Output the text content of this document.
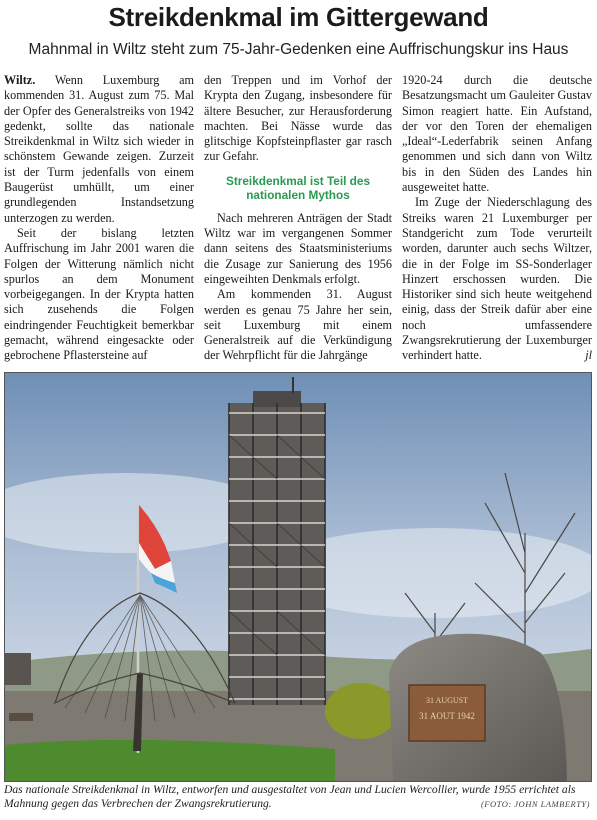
Streikdenkmal im Gittergewand
Mahnmal in Wiltz steht zum 75-Jahr-Gedenken eine Auffrischungskur ins Haus

Wiltz. Wenn Luxemburg am kommenden 31. August zum 75. Mal der Opfer des Generalstreiks von 1942 gedenkt, sollte das nationale Streikdenkmal in Wiltz sich wieder in schönstem Gewande zeigen. Zurzeit ist der Turm jedenfalls von einem Baugerüst umhüllt, um einer grundlegenden Instandsetzung unterzogen zu werden.

Seit der bislang letzten Auffrischung im Jahr 2001 waren die Folgen der Witterung nämlich nicht spurlos an dem Monument vorbeigegangen. In der Krypta hatten sich zusehends die Folgen eindringender Feuchtigkeit bemerkbar gemacht, während eingesackte oder gebrochene Pflastersteine auf

den Treppen und im Vorhof der Krypta den Zugang, insbesondere für ältere Besucher, zur Herausforderung machten. Bei Nässe wurde das glitschige Kopfsteinpflaster gar rasch zur Gefahr.

Streikdenkmal ist Teil des nationalen Mythos

Nach mehreren Anträgen der Stadt Wiltz war im vergangenen Sommer dann seitens des Staatsministeriums die Zusage zur Sanierung des 1956 eingeweihten Denkmals erfolgt.

Am kommenden 31. August werden es genau 75 Jahre her sein, seit Luxemburg mit einem Generalstreik auf die Verkündigung der Wehrpflicht für die Jahrgänge

1920-24 durch die deutsche Besatzungsmacht um Gauleiter Gustav Simon reagiert hatte. Ein Aufstand, der vor den Toren der ehemaligen „Ideal“-Lederfabrik seinen Anfang genommen und sich dann von Wiltz bis in den Süden des Landes hin ausgeweitet hatte.

Im Zuge der Niederschlagung des Streiks waren 21 Luxemburger per Standgericht zum Tode verurteilt worden, darunter auch sechs Wiltzer, die in der Folge im SS-Sonderlager Hinzert erschossen wurden. Die Historiker sind sich heute weitgehend einig, dass der Streik dafür aber eine noch umfassendere Zwangsrekrutierung der Luxemburger verhindert hatte.	jl

31 AUGUST
31 AOUT 1942
Das nationale Streikdenkmal in Wiltz, entworfen und ausgestaltet von Jean und Lucien Wercollier, wurde 1955 errichtet als Mahnung gegen das Verbrechen der Zwangsrekrutierung.	(FOTO: JOHN LAMBERTY)
